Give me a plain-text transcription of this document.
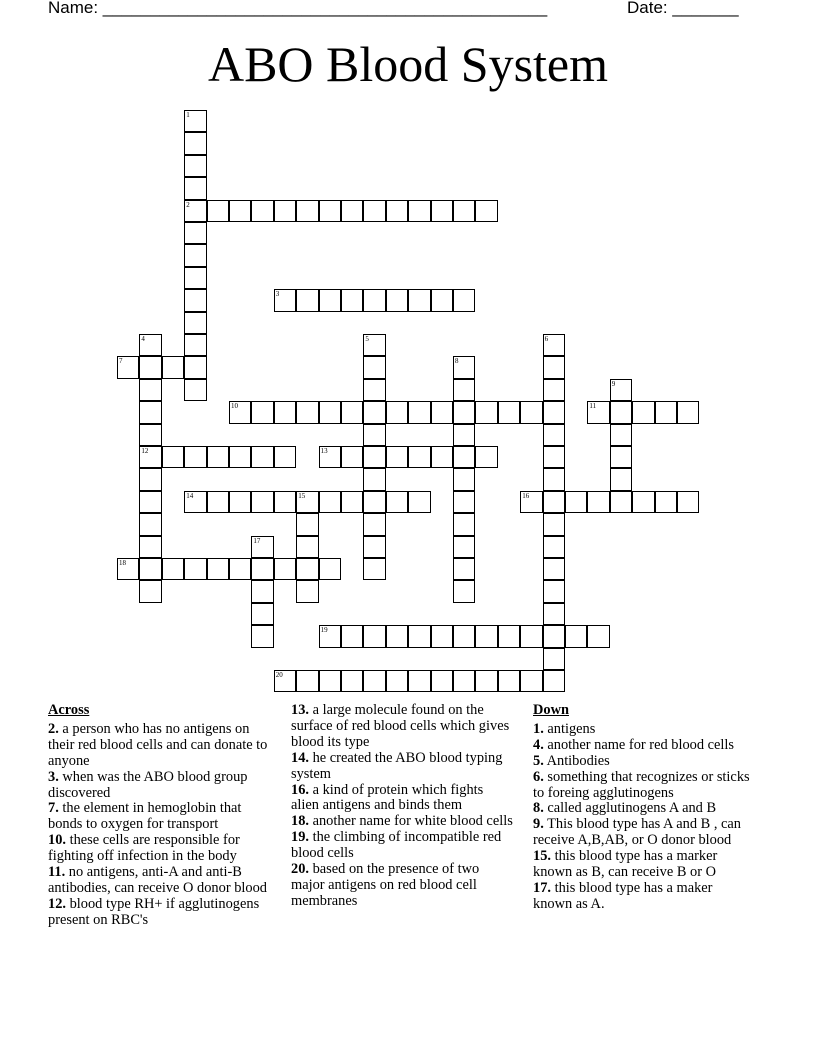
Name: _______________________________________________	Date: _______
ABO Blood System
1
2
3
4
12
5	6
7	8
9
10	11
13
14	15	16
17
18
19
20
Across
2. a person who has no antigens on their red blood cells and can donate to anyone
3. when was the ABO blood group discovered
7. the element in hemoglobin that bonds to oxygen for transport
10. these cells are responsible for fighting off infection in the body
11. no antigens, anti-A and anti-B antibodies, can receive O donor blood
12. blood type RH+ if agglutinogens present on RBC's
13. a large molecule found on the surface of red blood cells which gives blood its type
14. he created the ABO blood typing system
16. a kind of protein which fights alien antigens and binds them
18. another name for white blood cells
19. the climbing of incompatible red blood cells
20. based on the presence of two major antigens on red blood cell membranes
Down
1. antigens
4. another name for red blood cells
5. Antibodies
6. something that recognizes or sticks to foreing agglutinogens
8. called agglutinogens A and B
9. This blood type has A and B , can receive A,B,AB, or O donor blood
15. this blood type has a marker known as B, can receive B or O
17. this blood type has a maker known as A.
